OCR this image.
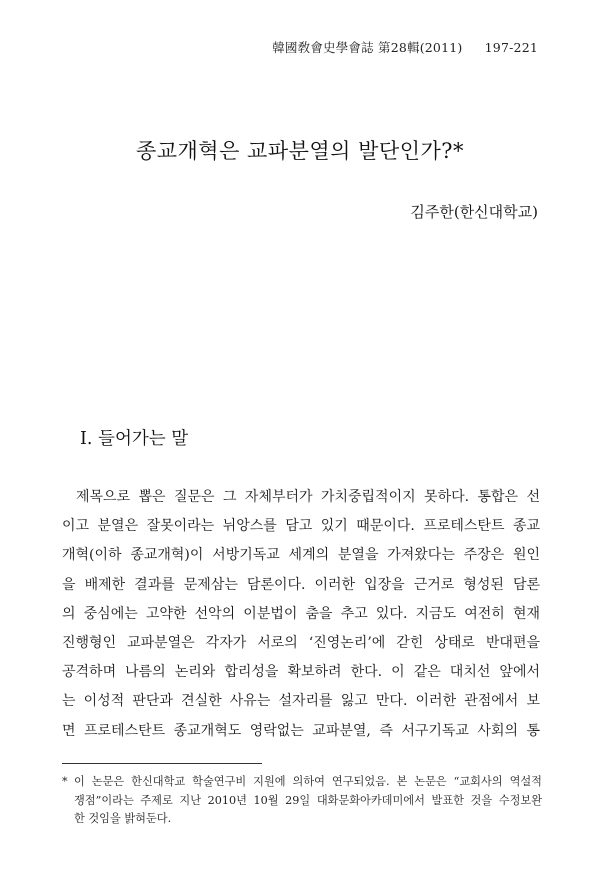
韓國敎會史學會誌 第28輯(2011) 197-221
종교개혁은 교파분열의 발단인가?*
김주한(한신대학교)
Ⅰ. 들어가는 말
제목으로 뽑은 질문은 그 자체부터가 가치중립적이지 못하다. 통합은 선
이고 분열은 잘못이라는 뉘앙스를 담고 있기 때문이다. 프로테스탄트 종교
개혁(이하 종교개혁)이 서방기독교 세계의 분열을 가져왔다는 주장은 원인
을 배제한 결과를 문제삼는 담론이다. 이러한 입장을 근거로 형성된 담론
의 중심에는 고약한 선악의 이분법이 춤을 추고 있다. 지금도 여전히 현재
진행형인 교파분열은 각자가 서로의 ‘진영논리’에 갇힌 상태로 반대편을
공격하며 나름의 논리와 합리성을 확보하려 한다. 이 같은 대치선 앞에서
는 이성적 판단과 견실한 사유는 설자리를 잃고 만다. 이러한 관점에서 보
면 프로테스탄트 종교개혁도 영락없는 교파분열, 즉 서구기독교 사회의 통
* 이 논문은 한신대학교 학술연구비 지원에 의하여 연구되었음. 본 논문은 “교회사의 역설적
쟁점”이라는 주제로 지난 2010년 10월 29일 대화문화아카데미에서 발표한 것을 수정보완
한 것임을 밝혀둔다.
